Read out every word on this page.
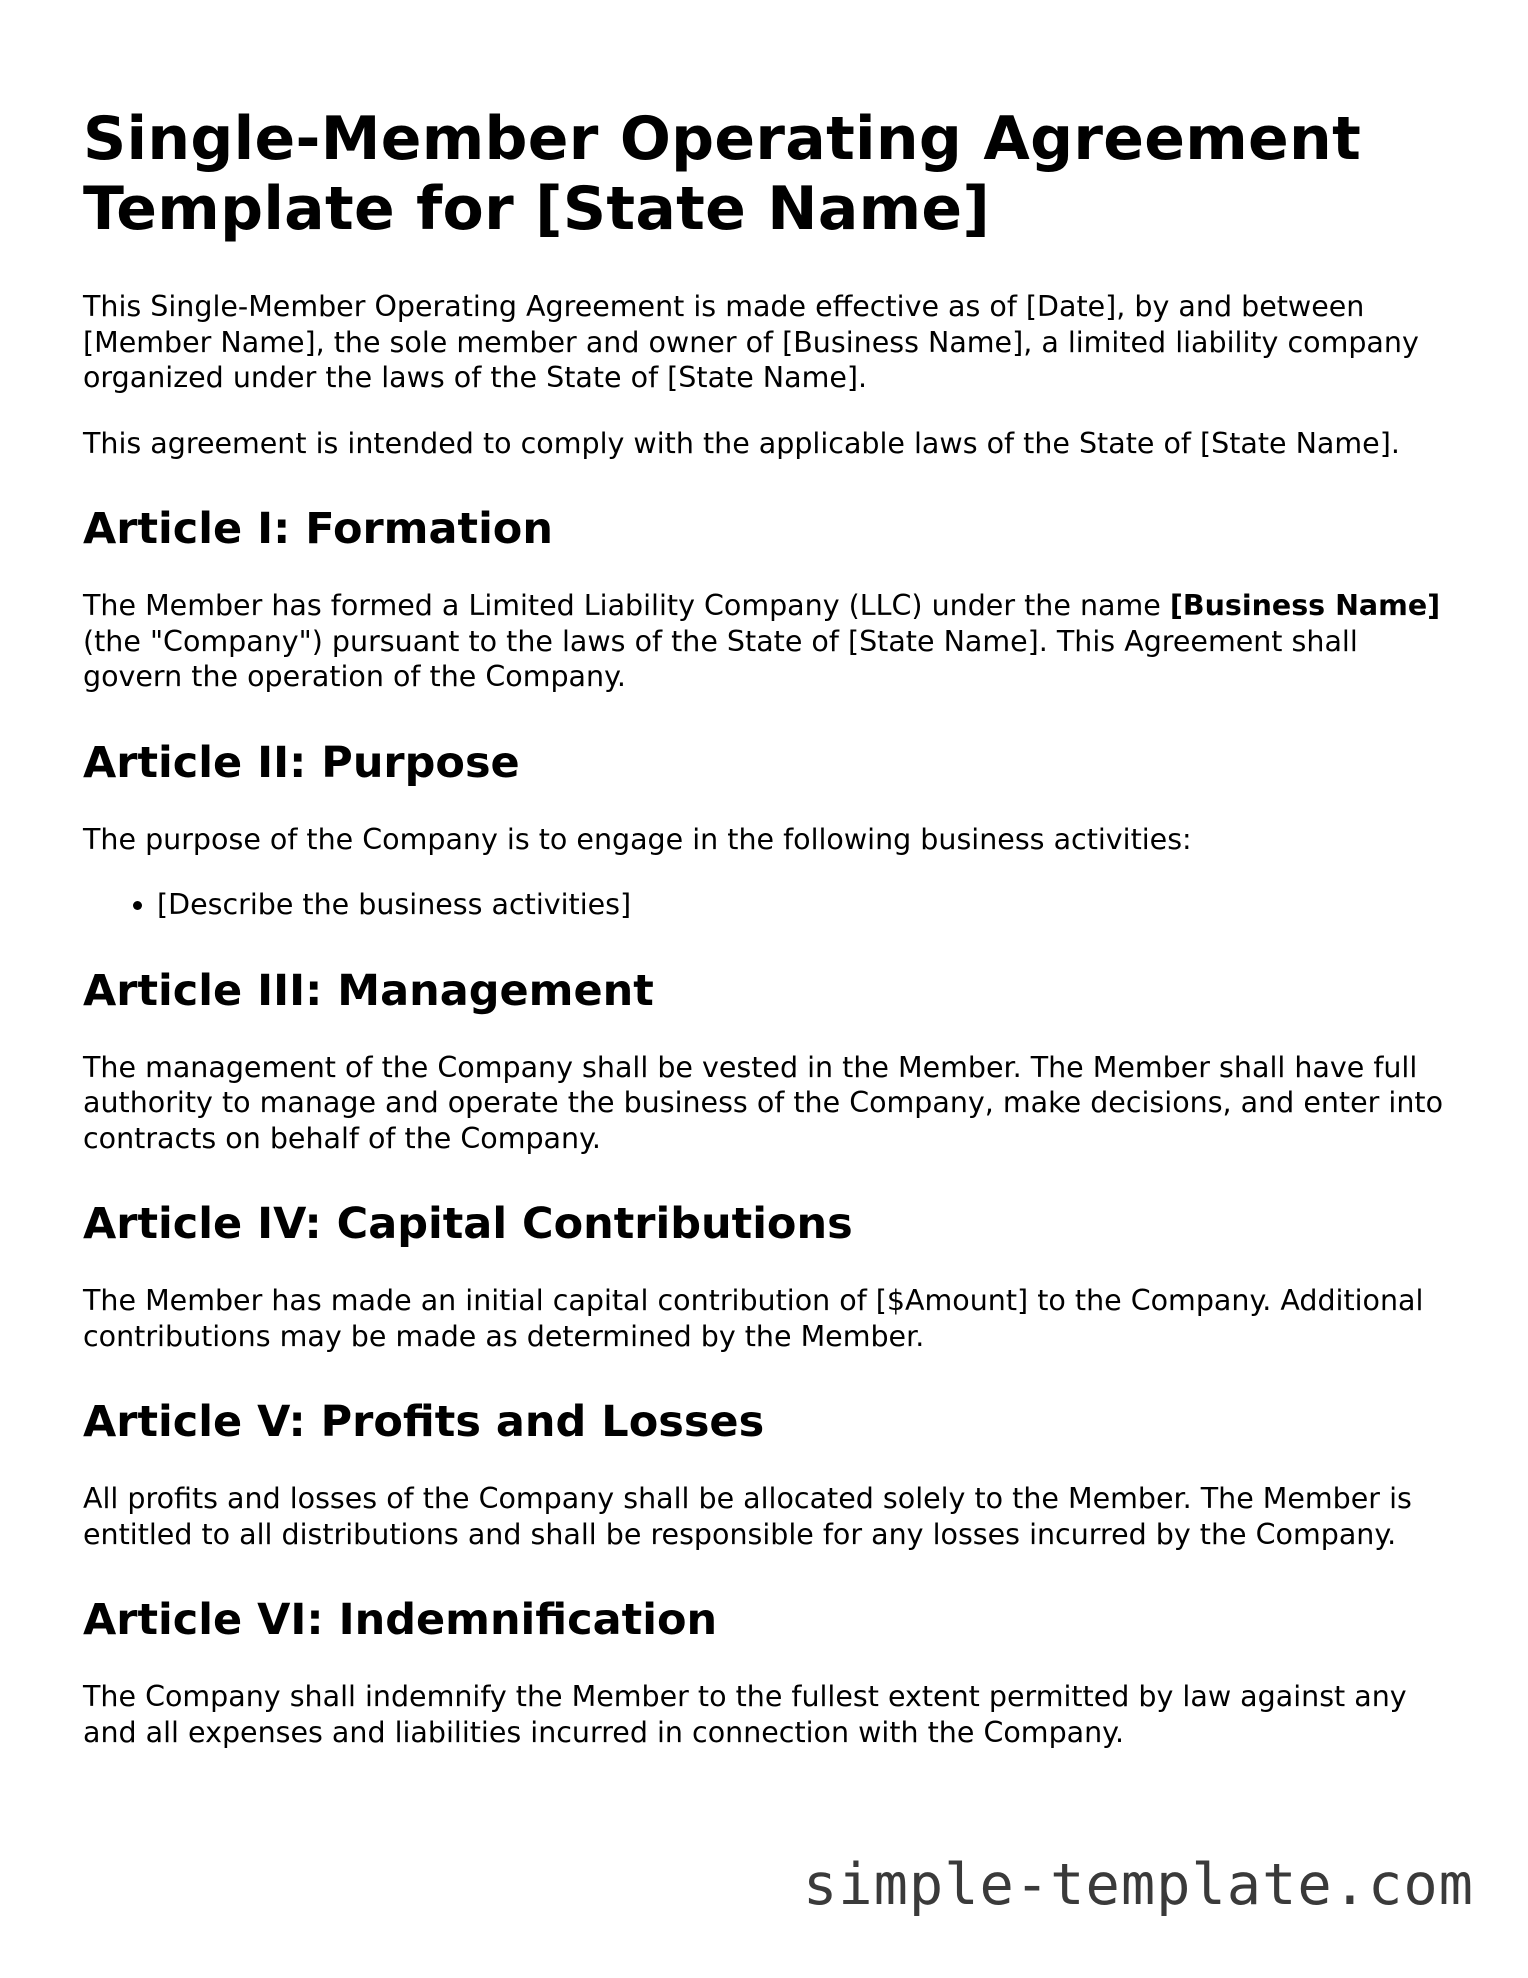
Single-Member Operating Agreement Template for [State Name]

This Single-Member Operating Agreement is made effective as of [Date], by and between [Member Name], the sole member and owner of [Business Name], a limited liability company organized under the laws of the State of [State Name].

This agreement is intended to comply with the applicable laws of the State of [State Name].

Article I: Formation

The Member has formed a Limited Liability Company (LLC) under the name [Business Name] (the "Company") pursuant to the laws of the State of [State Name]. This Agreement shall govern the operation of the Company.

Article II: Purpose

The purpose of the Company is to engage in the following business activities:

• [Describe the business activities]
Article III: Management

The management of the Company shall be vested in the Member. The Member shall have full authority to manage and operate the business of the Company, make decisions, and enter into contracts on behalf of the Company.

Article IV: Capital Contributions

The Member has made an initial capital contribution of [$Amount] to the Company. Additional contributions may be made as determined by the Member.

Article V: Profits and Losses

All profits and losses of the Company shall be allocated solely to the Member. The Member is entitled to all distributions and shall be responsible for any losses incurred by the Company.

Article VI: Indemnification

The Company shall indemnify the Member to the fullest extent permitted by law against any and all expenses and liabilities incurred in connection with the Company.

simple-template.com
